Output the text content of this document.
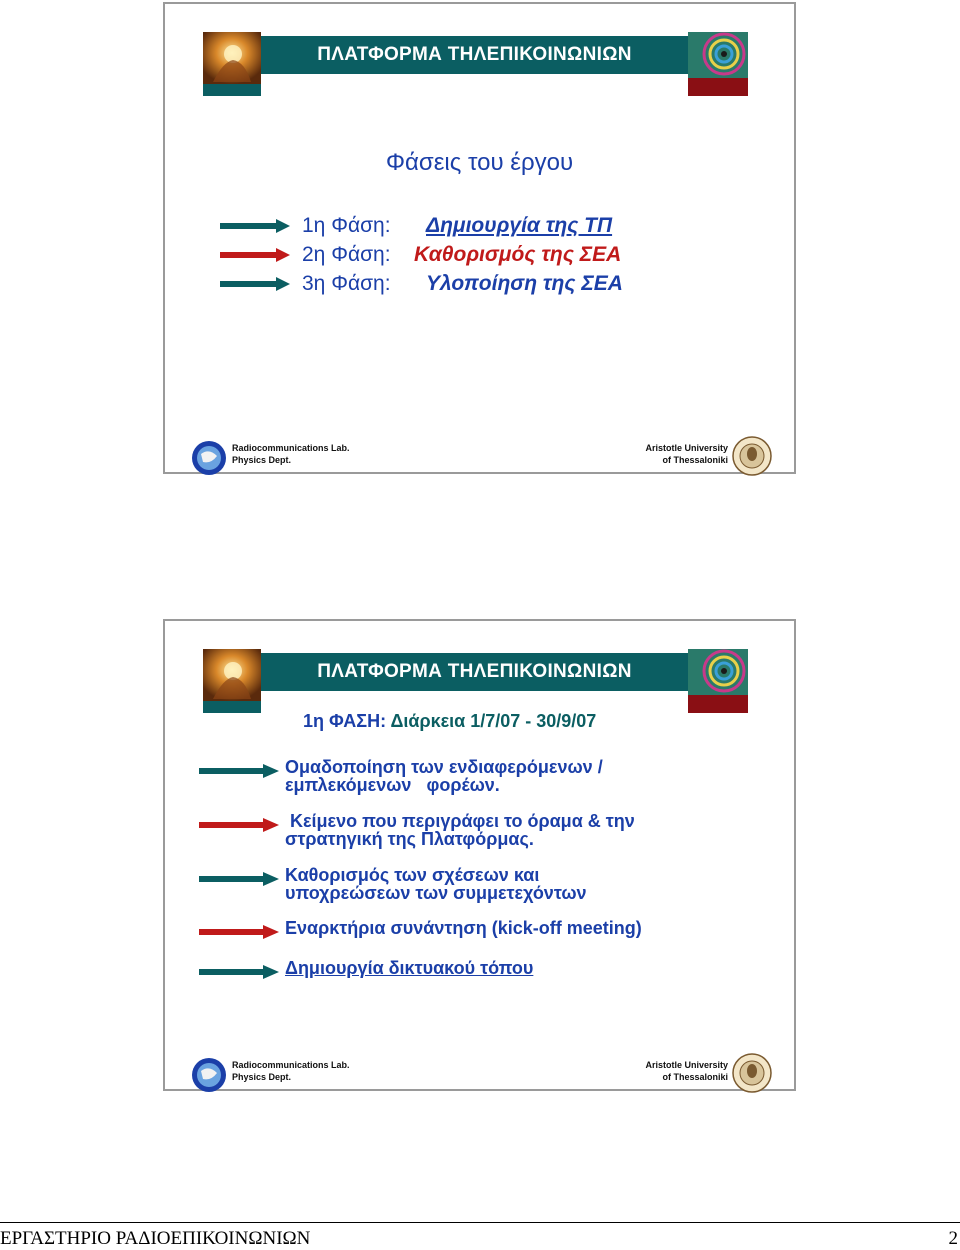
ΠΛΑΤΦΟΡΜΑ ΤΗΛΕΠΙΚΟΙΝΩΝΙΩΝ
Φάσεις του έργου
1η Φάση: Δημιουργία της ΤΠ
2η Φάση: Καθορισμός της ΣΕΑ
3η Φάση: Υλοποίηση της ΣΕΑ
Radiocommunications Lab.
Physics Dept.
Aristotle University
of Thessaloniki
ΠΛΑΤΦΟΡΜΑ ΤΗΛΕΠΙΚΟΙΝΩΝΙΩΝ
1η ΦΑΣΗ: Διάρκεια 1/7/07 - 30/9/07
Ομαδοποίηση των ενδιαφερόμενων /
εμπλεκόμενων   φορέων.
Κείμενο που περιγράφει το όραμα & την
στρατηγική της Πλατφόρμας.
Καθορισμός των σχέσεων και
υποχρεώσεων των συμμετεχόντων
Εναρκτήρια συνάντηση (kick-off meeting)
Δημιουργία δικτυακού τόπου
Radiocommunications Lab.
Physics Dept.
Aristotle University
of Thessaloniki
ΕΡΓΑΣΤΗΡΙΟ ΡΑΔΙΟΕΠΙΚΟΙΝΩΝΙΩΝ	2
